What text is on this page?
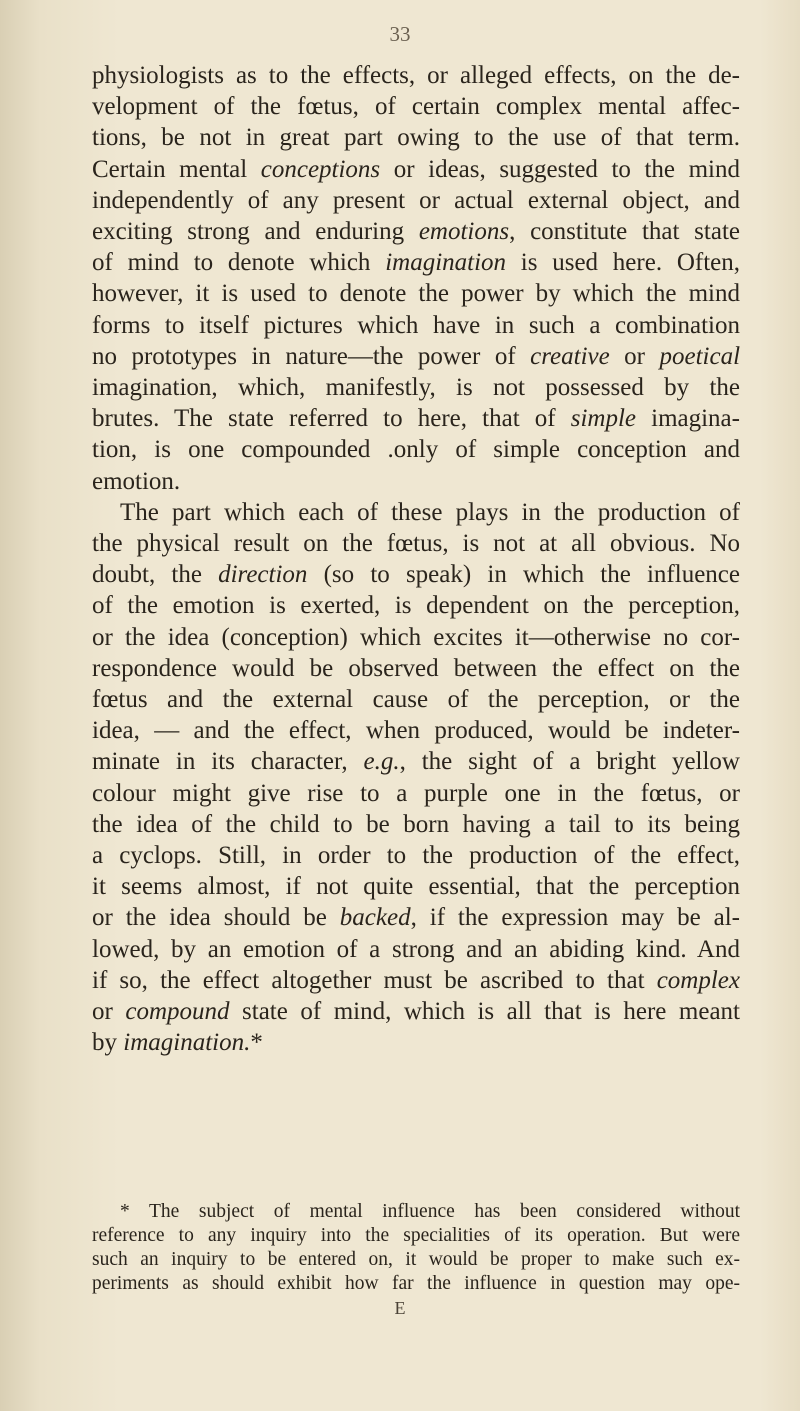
33
physiologists as to the effects, or alleged effects, on the de-
velopment of the fœtus, of certain complex mental affec-
tions, be not in great part owing to the use of that term.
Certain mental conceptions or ideas, suggested to the mind
independently of any present or actual external object, and
exciting strong and enduring emotions, constitute that state
of mind to denote which imagination is used here. Often,
however, it is used to denote the power by which the mind
forms to itself pictures which have in such a combination
no prototypes in nature—the power of creative or poetical
imagination, which, manifestly, is not possessed by the
brutes. The state referred to here, that of simple imagina-
tion, is one compounded .only of simple conception and
emotion.
The part which each of these plays in the production of
the physical result on the fœtus, is not at all obvious. No
doubt, the direction (so to speak) in which the influence
of the emotion is exerted, is dependent on the perception,
or the idea (conception) which excites it—otherwise no cor-
respondence would be observed between the effect on the
fœtus and the external cause of the perception, or the
idea, — and the effect, when produced, would be indeter-
minate in its character, e.g., the sight of a bright yellow
colour might give rise to a purple one in the fœtus, or
the idea of the child to be born having a tail to its being
a cyclops. Still, in order to the production of the effect,
it seems almost, if not quite essential, that the perception
or the idea should be backed, if the expression may be al-
lowed, by an emotion of a strong and an abiding kind. And
if so, the effect altogether must be ascribed to that complex
or compound state of mind, which is all that is here meant
by imagination.*
* The subject of mental influence has been considered without
reference to any inquiry into the specialities of its operation. But were
such an inquiry to be entered on, it would be proper to make such ex-
periments as should exhibit how far the influence in question may ope-
E
